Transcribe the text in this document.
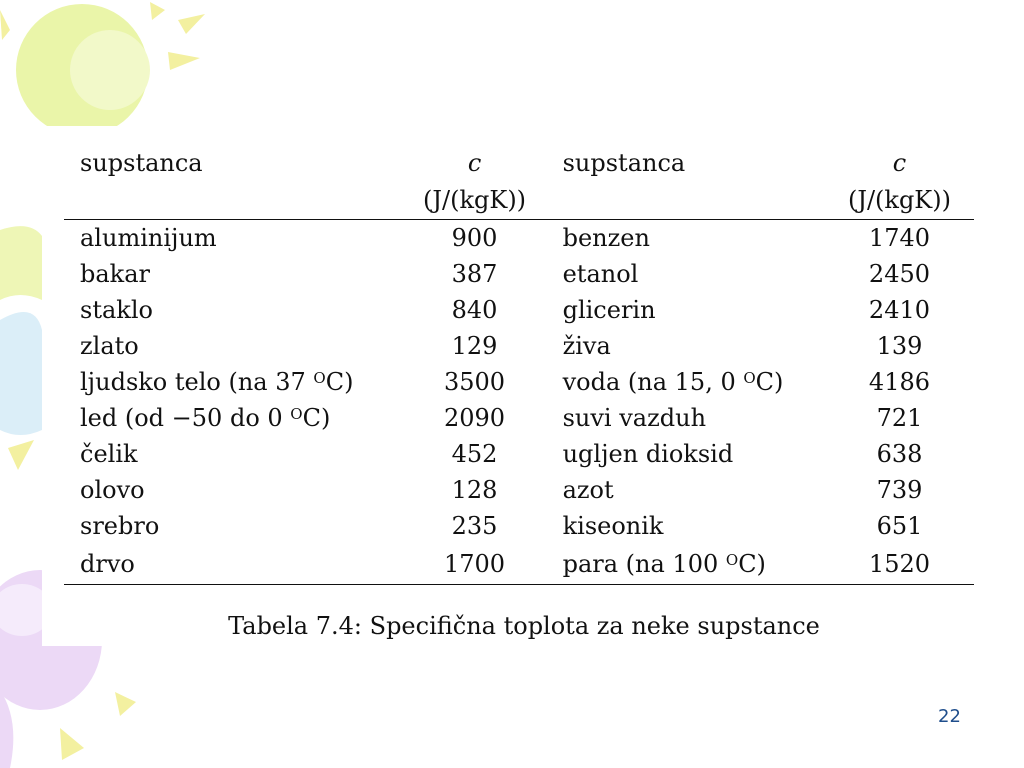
supstanca	c	supstanca	c
	(J/(kgK))		(J/(kgK))
aluminijum	900	benzen	1740
bakar	387	etanol	2450
staklo	840	glicerin	2410
zlato	129	živa	139
ljudsko telo (na 37 $^O$C)	3500	voda (na 15, 0 $^O$C)	4186
led (od −50 do 0 $^O$C)	2090	suvi vazduh	721
čelik	452	ugljen dioksid	638
olovo	128	azot	739
srebro	235	kiseonik	651
drvo	1700	para (na 100 $^O$C)	1520
Tabela 7.4: Specifična toplota za neke supstance
22
